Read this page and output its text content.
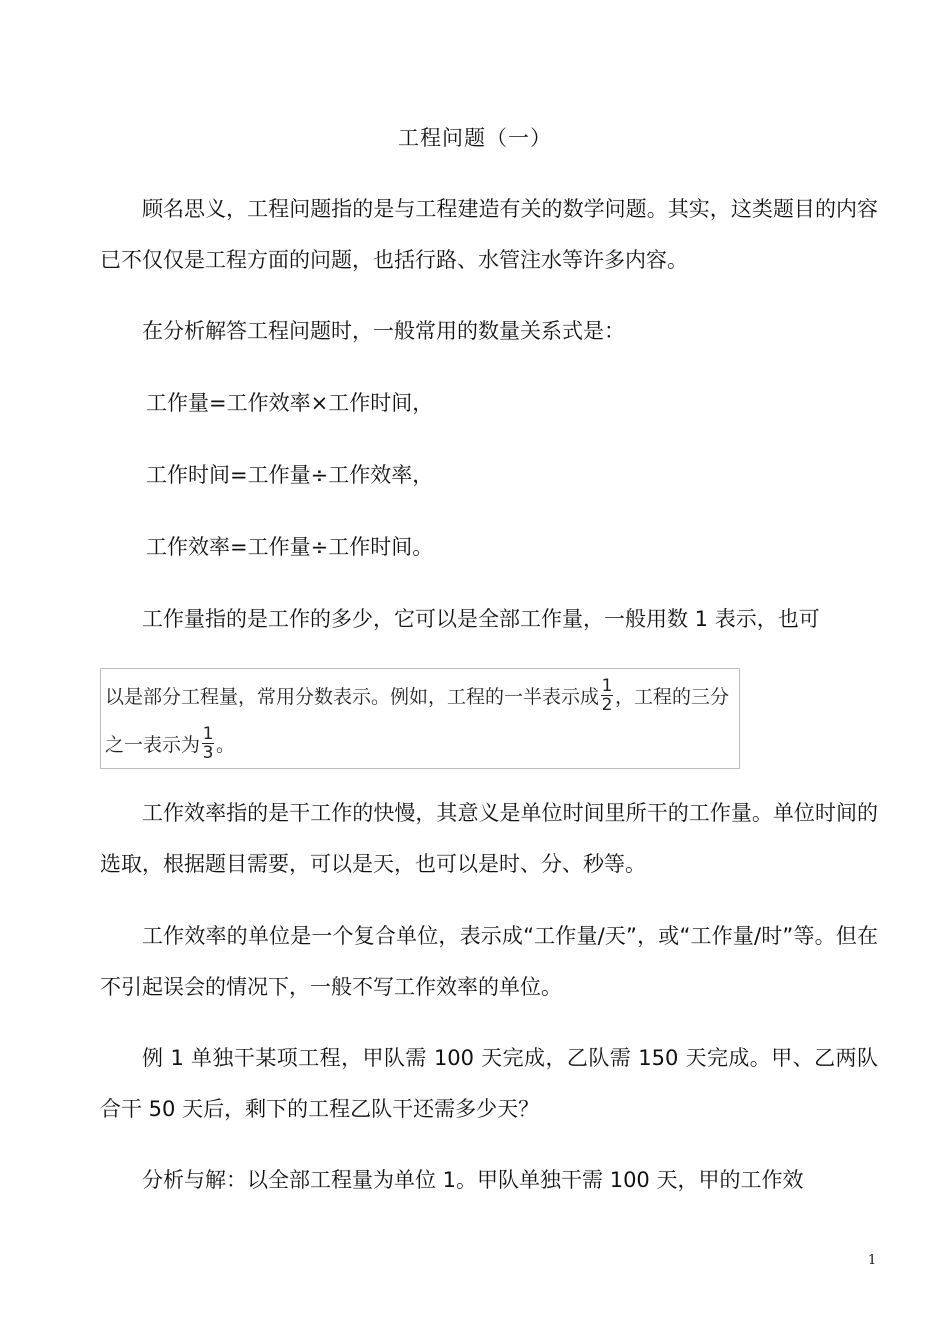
工程问题（一）

顾名思义，工程问题指的是与工程建造有关的数学问题。其实，这类题目的内容已不仅仅是工程方面的问题，也括行路、水管注水等许多内容。

在分析解答工程问题时，一般常用的数量关系式是：

工作量=工作效率×工作时间，
工作时间=工作量÷工作效率，
工作效率=工作量÷工作时间。

工作量指的是工作的多少，它可以是全部工作量，一般用数 1 表示，也可

以是部分工程量，常用分数表示。例如，工程的一半表示成 $\frac{1}{2}$ ，工程的三分
之一表示为 $\frac{1}{3}$ 。

工作效率指的是干工作的快慢，其意义是单位时间里所干的工作量。单位时间的选取，根据题目需要，可以是天，也可以是时、分、秒等。

工作效率的单位是一个复合单位，表示成“工作量/天”，或“工作量/时”等。但在不引起误会的情况下，一般不写工作效率的单位。

例 1 单独干某项工程，甲队需 100 天完成，乙队需 150 天完成。甲、乙两队合干 50 天后，剩下的工程乙队干还需多少天？

分析与解：以全部工程量为单位 1。甲队单独干需 100 天，甲的工作效

1
